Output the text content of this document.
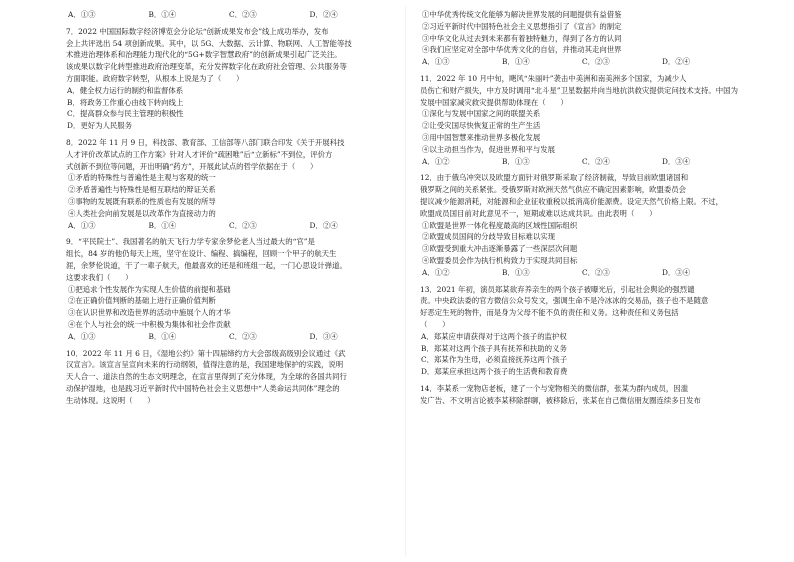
A．①③	B．①④	C．②③	D．②④

7．2022 中国国际数字经济博览会分论坛“创新成果发布会”线上成功举办，发布

会上共评选出 54 项创新成果。其中，以 5G、大数据、云计算、物联网、人工智能等技

术推进治理体系和治理能力现代化的“5G+数字智慧政府”的创新成果引起广泛关注。

该成果以数字化转型推进政府治理变革，充分发挥数字化在政府社会管理、公共服务等

方面职能。政府数字转型，从根本上说是为了（　　）

A．健全权力运行的制约和监督体系

B．将政务工作重心由线下转向线上

C．提高群众参与民主管理的积极性

D．更好为人民服务

8．2022 年 11 月 9 日，科技部、教育部、工信部等八部门联合印发《关于开展科技

人才评价改革试点的工作方案》针对人才评价“疏困唯”后“立新标”不到位，评价方

式创新不到位等问题，开出明确“药方”，开展此试点的哲学依据在于（　　）

①矛盾的特殊性与普遍性是主观与客观的统一

②矛盾普遍性与特殊性是相互联结的辩证关系

③事物的发展既有联系的性质也有发展的所导

④人类社会向前发展是以改革作为直接动力的

A．①③	B．①④	C．②③	D．②④

9．“平民院士”、我国著名的航天飞行力学专家余梦伦老人当过最大的“官”是

组长，84 岁的他仍每天上班，坚守在设计、编程、搞编程，回顾一个甲子的航天生

涯，余梦伦说道，干了一辈子航天，他最喜欢的还是和班组一起，一门心思设计弹道。

这要求我们（　　）

①把追求个性发展作为实现人生价值的前提和基础

②在正确价值判断的基础上进行正确价值判断

③在认识世界和改造世界的活动中施展个人的才华

④在个人与社会的统一中积极为集体和社会作贡献

A．①③	B．①④	C．②③	D．③④

10．2022 年 11 月 6 日，《湿地公约》第十四届缔约方大会部级高级别会议通过《武

汉宣言》。该宣言呈宣向未来的行动纲领，值得注意的是，我国建地保护的实践，说明

天人合一、道法自然的生态文明理念，在宣言里得到了充分体现，为全球的各国共同行

动保护湿地，也是践习近平新时代中国特色社会主义思想中“人类命运共同体”理念的

生动体现。这说明（　　）

①中华优秀传统文化能够为解决世界发展的问题提供有益借鉴

②习近平新时代中国特色社会主义思想指引了《宣言》的制定

③中华文化从过去到未来都有着独特魅力，得到了各方的认同

④我们应坚定对全部中华优秀文化的自信，并推动其走向世界

A．①③	B．①④	C．②③	D．②④

11．2022 年 10 月中旬，飓风“朱丽叶”袭击中美洲和南美洲多个国家，为减少人

员伤亡和财产损失，中方及时调用“北斗星”卫星数据并向当地抗洪救灾提供定问技术支持。中国为

发展中国家减灾救灾提供帮助体现在（　　）

①深化与发展中国家之间的联盟关系

②让受灾国尽快恢复正常的生产生活

③用中国智慧来推动世界多极化发展

④以主动担当作为，促进世界和平与发展

A．①②	B．①③	C．②④	D．③④

12．由于俄乌冲突以及欧盟方面针对俄罗斯采取了经济制裁，导致目前欧盟诸国和

俄罗斯之间的关系紧张。受俄罗斯对欧洲天然气供应不确定因素影响，欧盟委员会

提议减少能源消耗，对能源和企业征收重税以抵消高价能源费。设定天然气价格上限。不过，

欧盟成员国目前对此意见不一，短期或难以达成共识。由此表明（　　）

①欧盟是世界一体化程度最高的区域性国际组织

②欧盟成员国间的分歧导致目标难以实现

③欧盟受到重大冲击逐渐暴露了一些深层次问题

④欧盟委员会作为执行机构致力于实现共同目标

A．①②	B．①③	C．②③	D．③④

13．2021 年初，演员郑某欲弃养亲生的两个孩子被曝光后，引起社会舆论的强烈谴

责。中央政法委的官方微信公众号发文，强调生命不是冷冰冰的交易品，孩子也不是随意

好恶定生死的物件，而是身为父母不能不负的责任和义务。这种责任和义务包括

（　　）

A．郑某应申请获得对于这两个孩子的监护权

B．郑某对这两个孩子具有抚养和扶助的义务

C．郑某作为生母，必须直接抚养这两个孩子

D．郑某应承担这两个孩子的生活费和教育费

14．李某系一宠物店老板，建了一个与宠物相关的微信群，张某为群内成员，因滥

发广告、不文明言论被李某移除群聊，被移除后，张某在自己微信朋友圈连续多日发布
